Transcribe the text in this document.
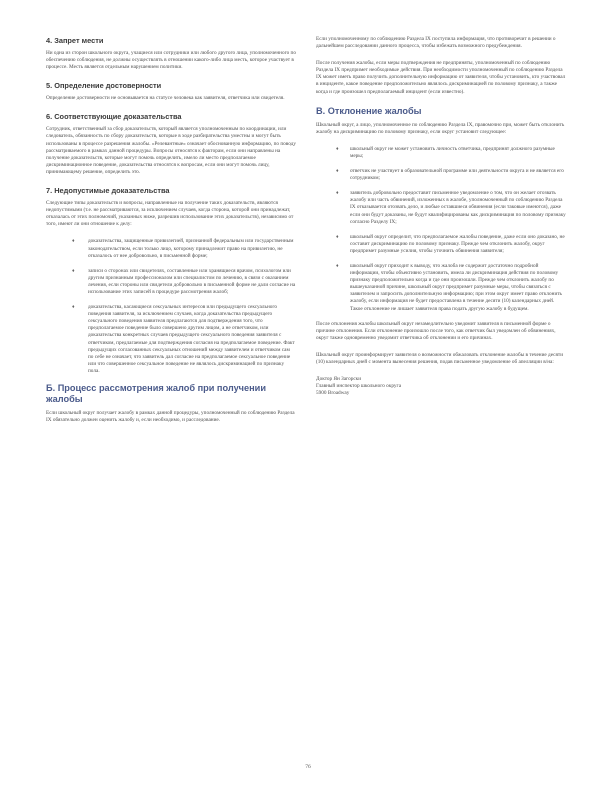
4. Запрет мести

Ни одна из сторон школьного округа, учащиеся или сотрудники или любого другого лица, уполномоченного по обеспечению соблюдения, не должны осуществлять в отношении какого-либо лица месть, которое участвует в процессе. Месть является отдельным нарушением политики.

5. Определение достоверности

Определение достоверности не основывается на статусе человека как заявителя, ответчика или свидетеля.

6. Соответствующие доказательства

Сотрудник, ответственный за сбор доказательств, который является уполномоченным по координации, или следователь, обязанность по сбору доказательств, которые в ходе разбирательства уместны и могут быть использованы в процессе разрешения жалобы. «Релевантные» означает обоснованную информацию, по поводу рассматриваемого в рамках данной процедуры. Вопросы относятся к факторам, если они направлены на получение доказательств, которые могут помочь определить, имело ли место предполагаемое дискриминационное поведение, доказательства относятся к вопросам, если они могут помочь лицу, принимающему решение, определить это.

7. Недопустимые доказательства

Следующие типы доказательств и вопросы, направленные на получение таких доказательств, являются недопустимыми (т.е. не рассматриваются, за исключением случаев, когда сторона, которой они принадлежат, отказалась от этих полномочий, указанных ниже, разрешив использование этих доказательств), независимо от того, имеют ли они отношение к делу:

♦	доказательства, защищенные привилегией, признанной федеральным или государственным законодательством, если только лицо, которому принадлежит право на привилегию, не отказалось от нее добровольно, в письменной форме;
♦	записи о сторонах или свидетелях, составленные или хранящиеся врачом, психологом или другим признанным профессионалом или специалистом по лечению, в связи с оказанием лечения, если стороны или свидетели добровольно в письменной форме не дали согласие на использование этих записей в процедуре рассмотрения жалоб;
♦	доказательства, касающиеся сексуальных интересов или предыдущего сексуального поведения заявителя, за исключением случаев, когда доказательства предыдущего сексуального поведения заявителя предлагаются для подтверждения того, что предполагаемое поведение было совершено другим лицом, а не ответчиком, или доказательства конкретных случаев предыдущего сексуального поведения заявителя с ответчиком, предлагаемые для подтверждения согласия на предполагаемое поведение. Факт предыдущих согласованных сексуальных отношений между заявителем и ответчиком сам по себе не означает, что заявитель дал согласие на предполагаемое сексуальное поведение или что совершенное сексуальное поведение не являлось дискриминацией по признаку пола.
Б. Процесс рассмотрения жалоб при получении жалобы

Если школьный округ получает жалобу в рамках данной процедуры, уполномоченный по соблюдению Раздела IX обязательно должен оценить жалобу и, если необходимо, и расследование.

Если уполномоченному по соблюдению Раздела IX поступила информация, что противоречит в решении о дальнейшем расследовании данного процесса, чтобы избежать возможного предубеждения.

После получения жалобы, если меры подтверждения не предприняты, уполномоченный по соблюдению Раздела IX предпримет необходимые действия. При необходимости уполномоченный по соблюдению Раздела IX может иметь право получить дополнительную информацию от заявителя, чтобы установить, кто участвовал в инциденте, какое поведение предположительно являлось дискриминацией по половому признаку, а также когда и где произошел предполагаемый инцидент (если известно).

В. Отклонение жалобы

Школьный округ, а лицо, уполномоченное по соблюдению Раздела IX, правомочно при, может быть отклонить жалобу на дискриминацию по половому признаку, если округ установит следующее:

♦ школьный округ не может установить личность ответчика, предпринят должного разумные меры;
♦ ответчик не участвует в образовательной программе или деятельности округа и не является его сотрудником;
♦ заявитель добровольно предоставит письменное уведомление о том, что он желает отозвать жалобу или часть обвинений, изложенных в жалобе, уполномоченный по соблюдению Раздела IX отказывается отозвать дело, и любые оставшиеся обвинения (если таковые имеются), даже если они будут доказаны, не будут квалифицированы как дискриминация по половому признаку согласно Разделу IX;
♦ школьный округ определит, что предполагаемое жалобы поведение, даже если оно доказано, не составит дискриминацию по половому признаку. Прежде чем отклонить жалобу, округ предпримет разумные усилия, чтобы уточнить обвинения заявителя;
♦ школьный округ приходит к выводу, что жалоба не содержит достаточно подробной информации, чтобы объективно установить, имела ли дискриминация действия по половому признаку предположительно когда и где они произошли. Прежде чем отклонить жалобу по вышеуказанной причине, школьный округ предпримет разумные меры, чтобы связаться с заявителем и запросить дополнительную информацию; при этом округ имеет право отклонить жалобу, если информация не будет предоставлена в течение десяти (10) календарных дней. Такое отклонение не лишает заявителя права подать другую жалобу в будущем.

После отклонения жалобы школьный округ незамедлительно уведомит заявителя в письменной форме о причине отклонения. Если отклонение произошло после того, как ответчик был уведомлен об обвинениях, округ также одновременно уведомит ответчика об отклонении и его причинах.

Школьный округ проинформирует заявителя о возможности обжаловать отклонение жалобы в течение десяти (10) календарных дней с момента вынесения решения, подав письменное уведомление об апелляции в/на:

Доктор Ян Загорски

Главный инспектор школьного округа

5900 Broadway

76
